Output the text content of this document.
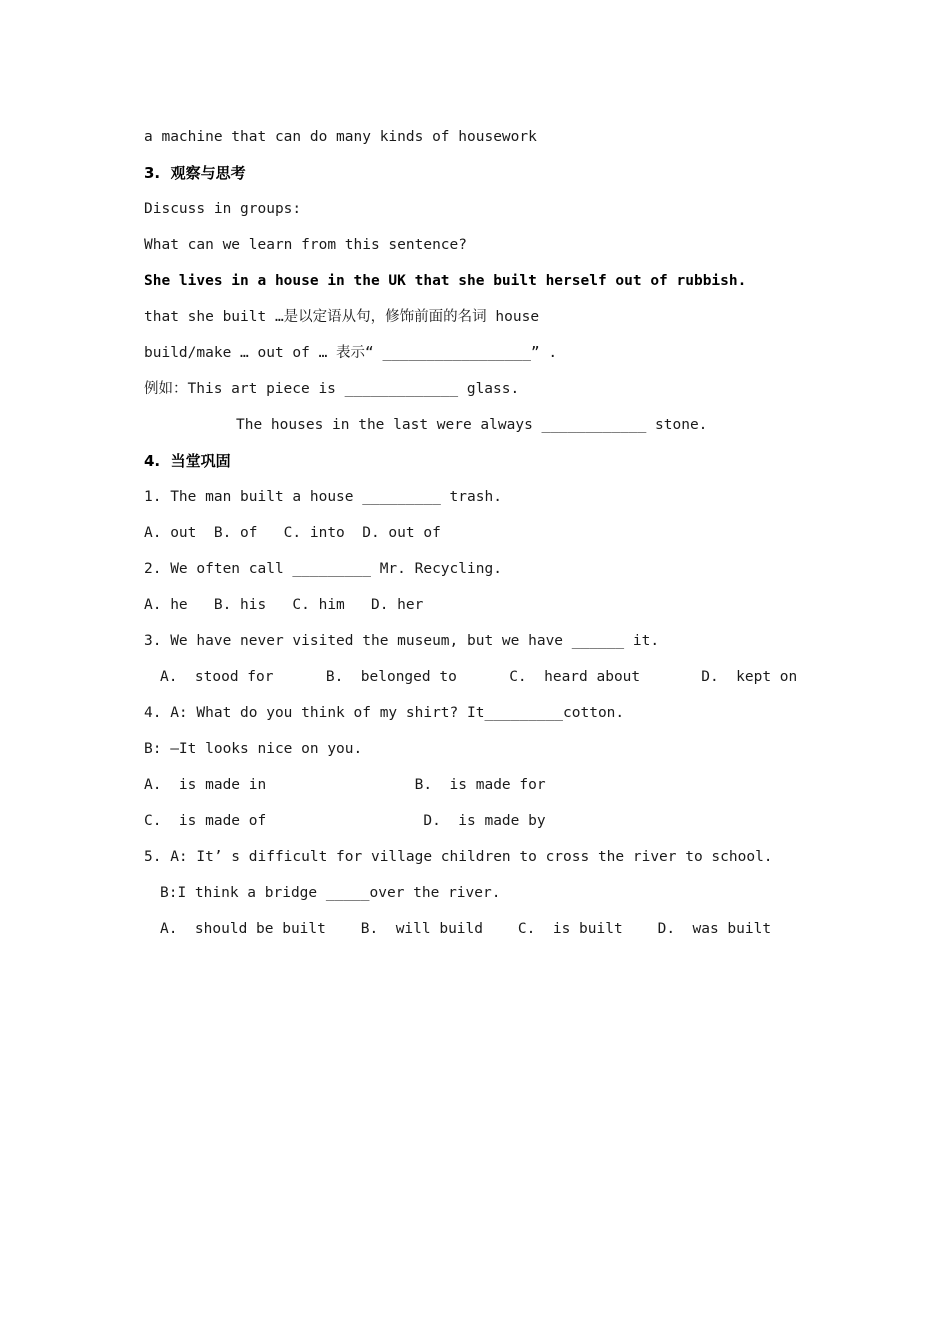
a machine that can do many kinds of housework
3.  观察与思考
Discuss in groups:
What can we learn from this sentence?
She lives in a house in the UK that she built herself out of rubbish.
that she built …是以定语从句，修饰前面的名词 house
build/make … out of … 表示“ _________________” .
例如：This art piece is _____________ glass.
The houses in the last were always ____________ stone.
4.  当堂巩固
1. The man built a house _________ trash.
A. out  B. of   C. into  D. out of
2. We often call _________ Mr. Recycling.
A. he   B. his   C. him   D. her
3. We have never visited the museum, but we have ______ it.
A.  stood for      B.  belonged to      C.  heard about       D.  kept on
4. A: What do you think of my shirt? It_________cotton.
B: —It looks nice on you.
A.  is made in                 B.  is made for
C.  is made of                  D.  is made by
5. A: It’ s difficult for village children to cross the river to school.
B:I think a bridge _____over the river.
A.  should be built    B.  will build    C.  is built    D.  was built
